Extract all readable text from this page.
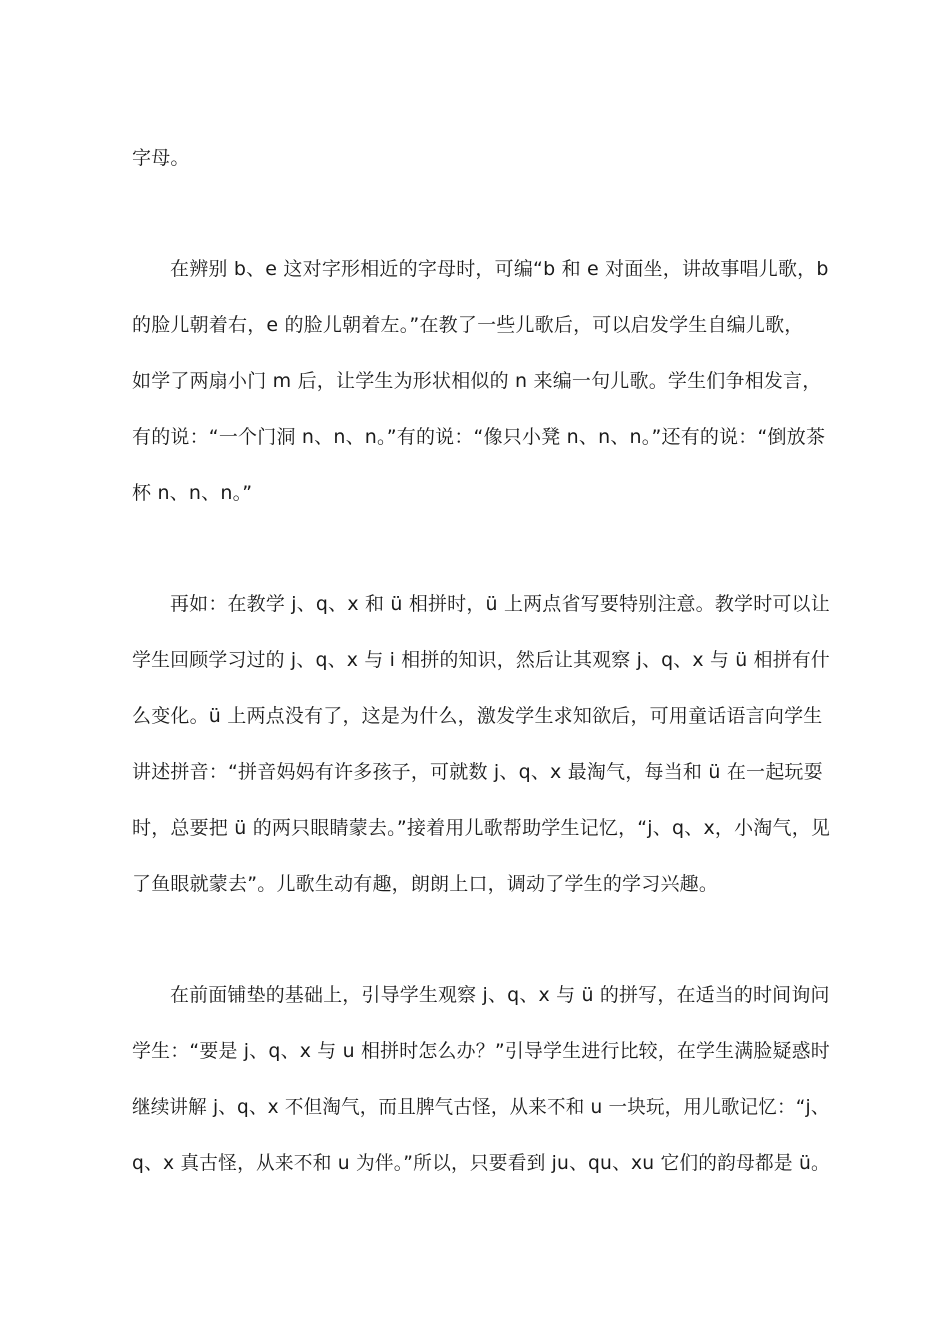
字母。
在辨别 b、e 这对字形相近的字母时，可编“b 和 e 对面坐，讲故事唱儿歌，b
的脸儿朝着右，e 的脸儿朝着左。”在教了一些儿歌后，可以启发学生自编儿歌，
如学了两扇小门 m 后，让学生为形状相似的 n 来编一句儿歌。学生们争相发言，
有的说：“一个门洞 n、n、n。”有的说：“像只小凳 n、n、n。”还有的说：“倒放茶
杯 n、n、n。”
再如：在教学 j、q、x 和 ü 相拼时，ü 上两点省写要特别注意。教学时可以让
学生回顾学习过的 j、q、x 与 i 相拼的知识，然后让其观察 j、q、x 与 ü 相拼有什
么变化。ü 上两点没有了，这是为什么，激发学生求知欲后，可用童话语言向学生
讲述拼音：“拼音妈妈有许多孩子，可就数 j、q、x 最淘气，每当和 ü 在一起玩耍
时，总要把 ü 的两只眼睛蒙去。”接着用儿歌帮助学生记忆，“j、q、x，小淘气，见
了鱼眼就蒙去”。儿歌生动有趣，朗朗上口，调动了学生的学习兴趣。
在前面铺垫的基础上，引导学生观察 j、q、x 与 ü 的拼写，在适当的时间询问
学生：“要是 j、q、x 与 u 相拼时怎么办？”引导学生进行比较，在学生满脸疑惑时
继续讲解 j、q、x 不但淘气，而且脾气古怪，从来不和 u 一块玩，用儿歌记忆：“j、
q、x 真古怪，从来不和 u 为伴。”所以，只要看到 ju、qu、xu 它们的韵母都是 ü。
